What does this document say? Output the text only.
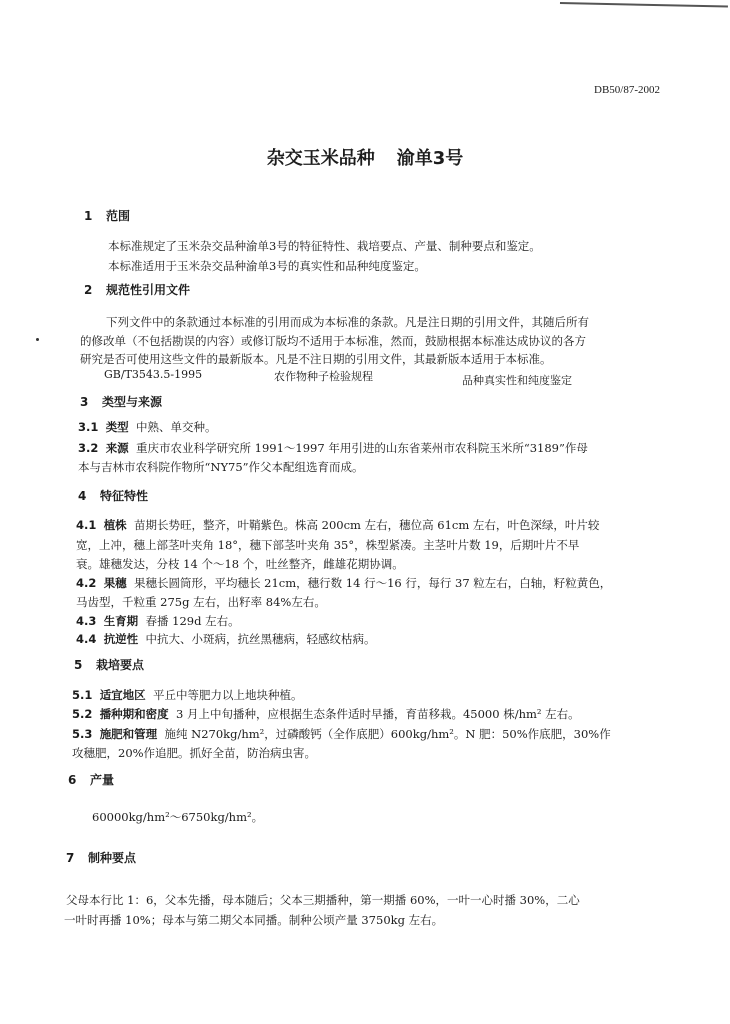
DB50/87-2002
杂交玉米品种 渝单3号
1 范围
本标准规定了玉米杂交品种渝单3号的特征特性、栽培要点、产量、制种要点和鉴定。
本标准适用于玉米杂交品种渝单3号的真实性和品种纯度鉴定。
2 规范性引用文件
下列文件中的条款通过本标准的引用而成为本标准的条款。凡是注日期的引用文件，其随后所有
的修改单（不包括勘误的内容）或修订版均不适用于本标准，然而，鼓励根据本标准达成协议的各方
研究是否可使用这些文件的最新版本。凡是不注日期的引用文件，其最新版本适用于本标准。
GB/T3543.5-1995	农作物种子检验规程	品种真实性和纯度鉴定
3 类型与来源
3.1 类型 中熟、单交种。
3.2 来源 重庆市农业科学研究所 1991～1997 年用引进的山东省莱州市农科院玉米所“3189”作母
本与吉林市农科院作物所“NY75”作父本配组选育而成。
4 特征特性
4.1 植株 苗期长势旺，整齐，叶鞘紫色。株高 200cm 左右，穗位高 61cm 左右，叶色深绿，叶片较
宽，上冲，穗上部茎叶夹角 18°，穗下部茎叶夹角 35°，株型紧凑。主茎叶片数 19，后期叶片不早
衰。雄穗发达，分枝 14 个～18 个，吐丝整齐，雌雄花期协调。
4.2 果穗 果穗长圆筒形，平均穗长 21cm，穗行数 14 行～16 行，每行 37 粒左右，白轴，籽粒黄色，
马齿型，千粒重 275g 左右，出籽率 84%左右。
4.3 生育期 春播 129d 左右。
4.4 抗逆性 中抗大、小斑病，抗丝黑穗病，轻感纹枯病。
5 栽培要点
5.1 适宜地区 平丘中等肥力以上地块种植。
5.2 播种期和密度 3 月上中旬播种，应根据生态条件适时早播，育苗移栽。45000 株/hm² 左右。
5.3 施肥和管理 施纯 N270kg/hm²，过磷酸钙（全作底肥）600kg/hm²。N 肥：50%作底肥，30%作
攻穗肥，20%作追肥。抓好全苗，防治病虫害。
6 产量
60000kg/hm²～6750kg/hm²。
7 制种要点
父母本行比 1：6，父本先播，母本随后；父本三期播种，第一期播 60%，一叶一心时播 30%，二心
一叶时再播 10%；母本与第二期父本同播。制种公顷产量 3750kg 左右。
